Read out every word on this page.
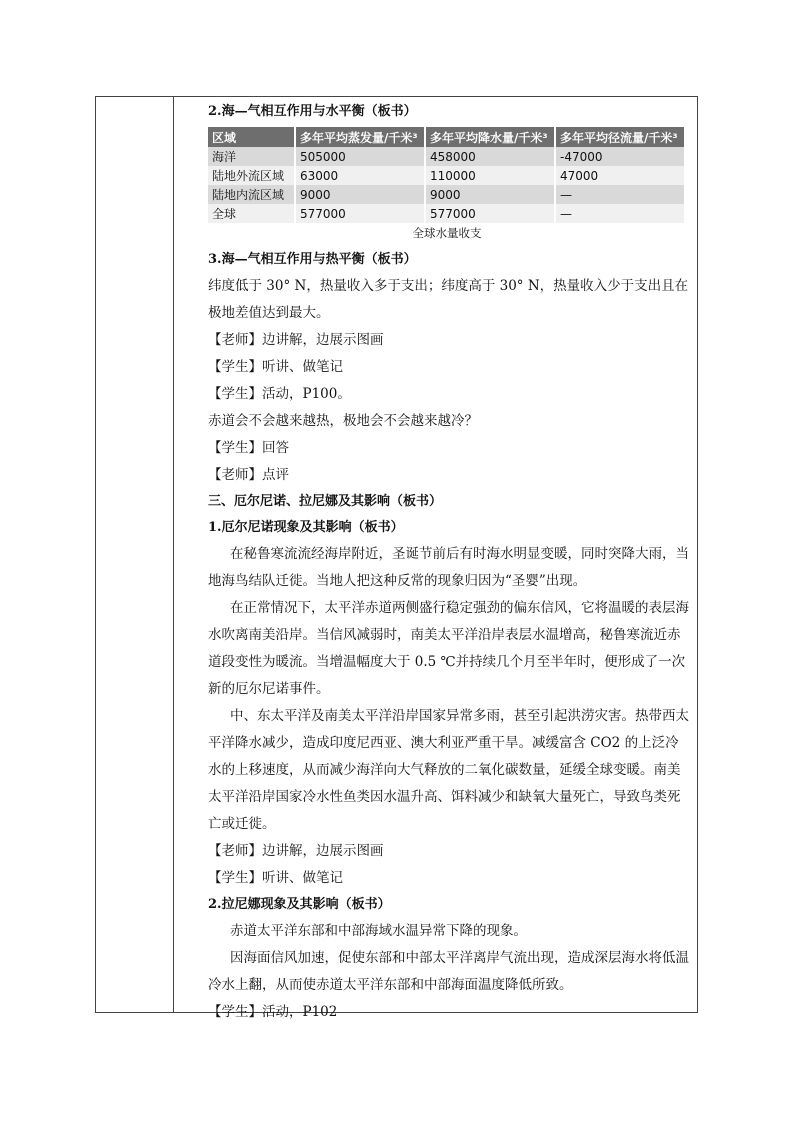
2.海—气相互作用与水平衡（板书）
区域	多年平均蒸发量/千米³	多年平均降水量/千米³	多年平均径流量/千米³
海洋	505000	458000	-47000
陆地外流区域	63000	110000	47000
陆地内流区域	9000	9000	—
全球	577000	577000	—
全球水量收支
3.海—气相互作用与热平衡（板书）

纬度低于 30° N，热量收入多于支出；纬度高于 30° N，热量收入少于支出且在

极地差值达到最大。

【老师】边讲解，边展示图画

【学生】听讲、做笔记

【学生】活动，P100。

赤道会不会越来越热，极地会不会越来越冷？

【学生】回答

【老师】点评

三、厄尔尼诺、拉尼娜及其影响（板书）
1.厄尔尼诺现象及其影响（板书）

在秘鲁寒流流经海岸附近，圣诞节前后有时海水明显变暖，同时突降大雨，当地海鸟结队迁徙。当地人把这种反常的现象归因为“圣婴”出现。

在正常情况下，太平洋赤道两侧盛行稳定强劲的偏东信风，它将温暖的表层海水吹离南美沿岸。当信风减弱时，南美太平洋沿岸表层水温增高，秘鲁寒流近赤道段变性为暖流。当增温幅度大于 0.5 ℃并持续几个月至半年时，便形成了一次新的厄尔尼诺事件。

中、东太平洋及南美太平洋沿岸国家异常多雨，甚至引起洪涝灾害。热带西太平洋降水减少，造成印度尼西亚、澳大利亚严重干旱。减缓富含 CO2 的上泛冷水的上移速度，从而减少海洋向大气释放的二氧化碳数量，延缓全球变暖。南美太平洋沿岸国家冷水性鱼类因水温升高、饵料减少和缺氧大量死亡，导致鸟类死亡或迁徙。

【老师】边讲解，边展示图画

【学生】听讲、做笔记

2.拉尼娜现象及其影响（板书）

赤道太平洋东部和中部海域水温异常下降的现象。

因海面信风加速，促使东部和中部太平洋离岸气流出现，造成深层海水将低温冷水上翻，从而使赤道太平洋东部和中部海面温度降低所致。

【学生】活动，P102
